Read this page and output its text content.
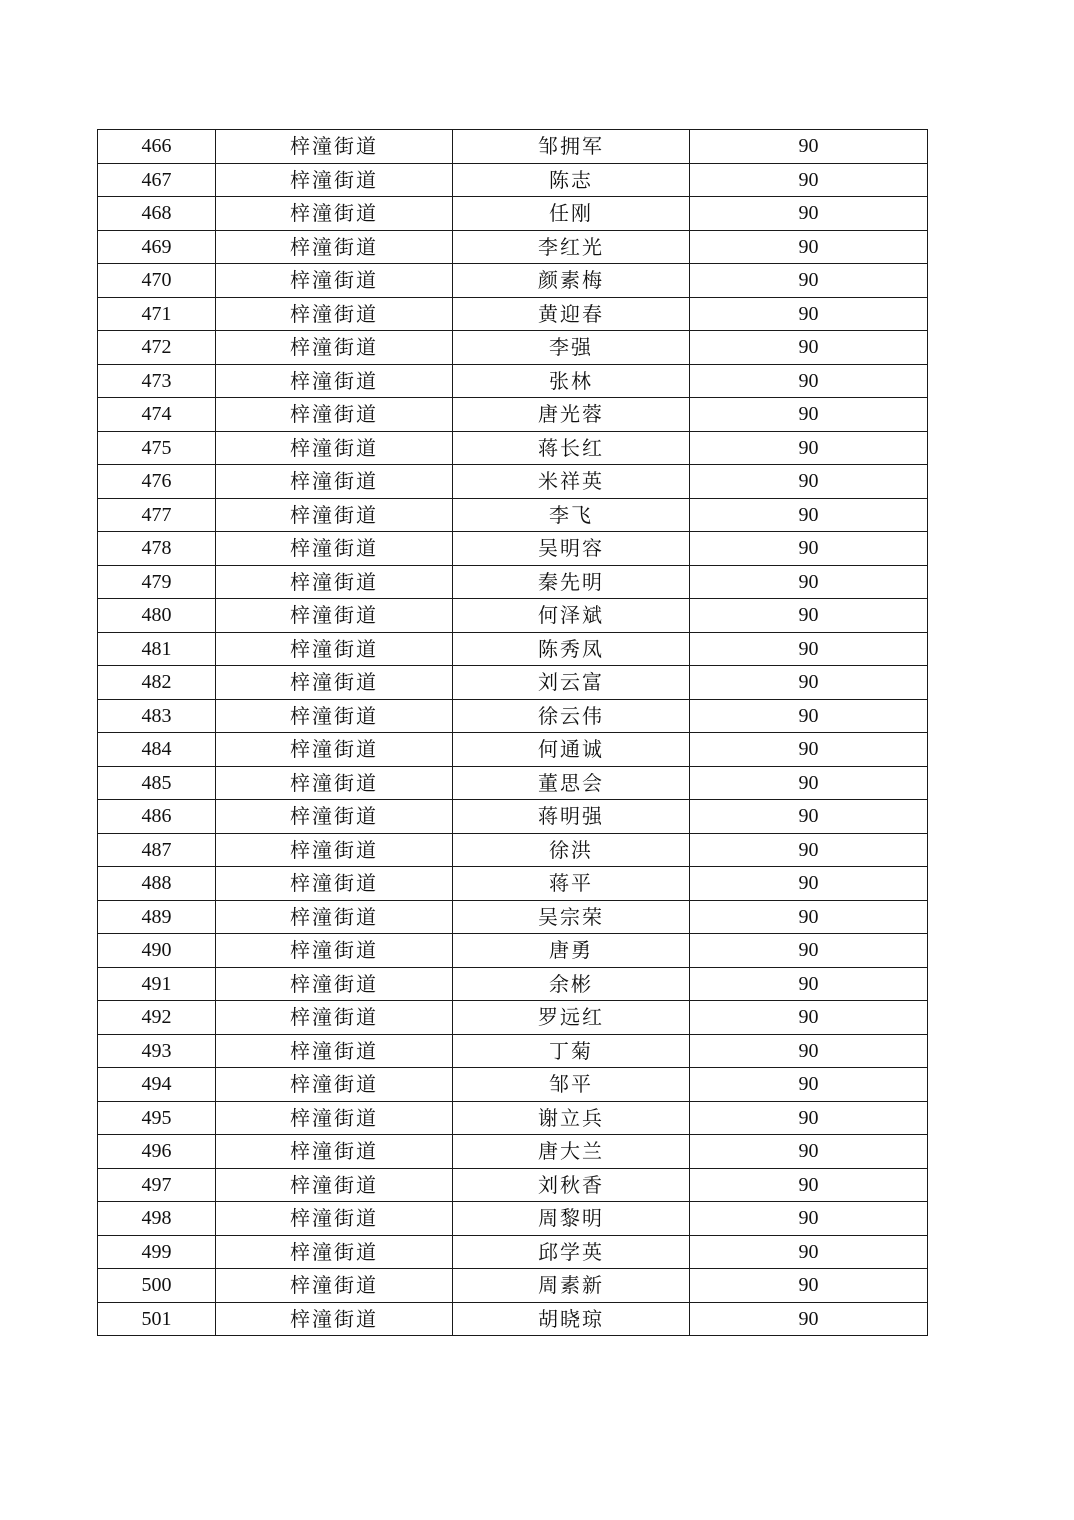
466	梓潼街道	邹拥军	90
467	梓潼街道	陈志	90
468	梓潼街道	任刚	90
469	梓潼街道	李红光	90
470	梓潼街道	颜素梅	90
471	梓潼街道	黄迎春	90
472	梓潼街道	李强	90
473	梓潼街道	张林	90
474	梓潼街道	唐光蓉	90
475	梓潼街道	蒋长红	90
476	梓潼街道	米祥英	90
477	梓潼街道	李飞	90
478	梓潼街道	吴明容	90
479	梓潼街道	秦先明	90
480	梓潼街道	何泽斌	90
481	梓潼街道	陈秀凤	90
482	梓潼街道	刘云富	90
483	梓潼街道	徐云伟	90
484	梓潼街道	何通诚	90
485	梓潼街道	董思会	90
486	梓潼街道	蒋明强	90
487	梓潼街道	徐洪	90
488	梓潼街道	蒋平	90
489	梓潼街道	吴宗荣	90
490	梓潼街道	唐勇	90
491	梓潼街道	余彬	90
492	梓潼街道	罗远红	90
493	梓潼街道	丁菊	90
494	梓潼街道	邹平	90
495	梓潼街道	谢立兵	90
496	梓潼街道	唐大兰	90
497	梓潼街道	刘秋香	90
498	梓潼街道	周黎明	90
499	梓潼街道	邱学英	90
500	梓潼街道	周素新	90
501	梓潼街道	胡晓琼	90
